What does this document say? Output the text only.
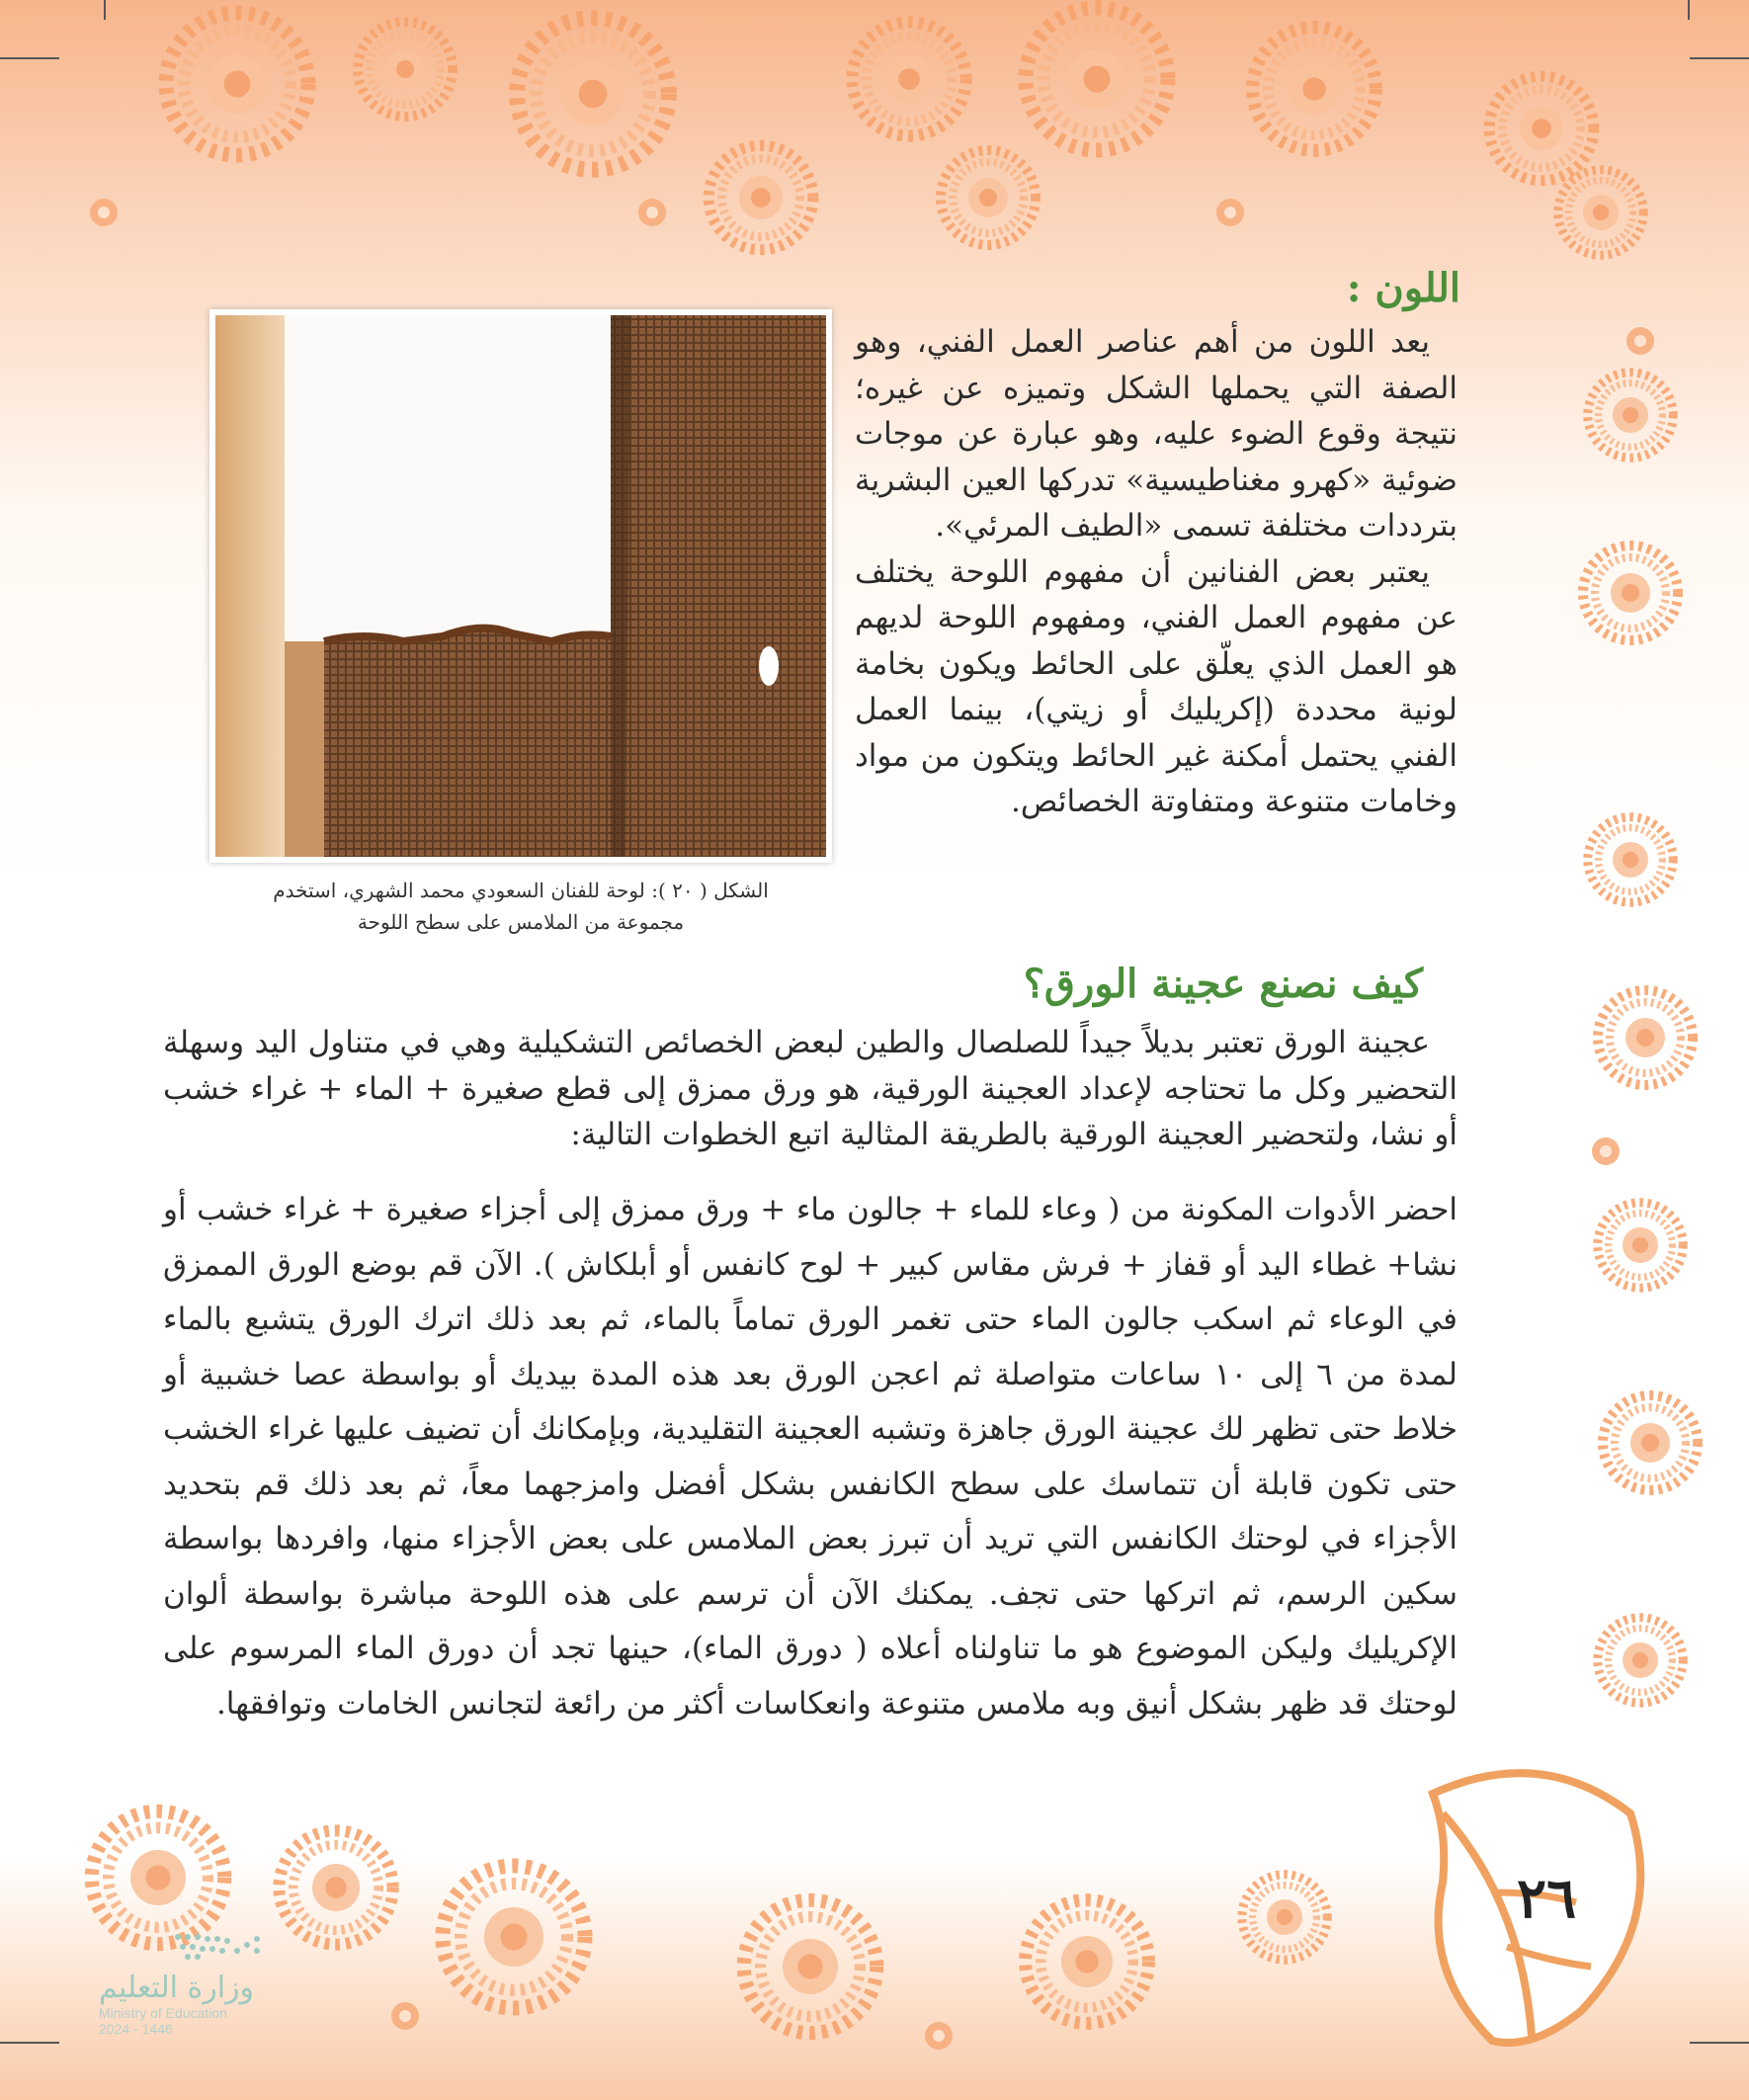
اللون :

يعد اللون من أهم عناصر العمل الفني، وهو الصفة التي يحملها الشكل وتميزه عن غيره؛ نتيجة وقوع الضوء عليه، وهو عبارة عن موجات ضوئية «كهرو مغناطيسية» تدركها العين البشرية بترددات مختلفة تسمى «الطيف المرئي».

يعتبر بعض الفنانين أن مفهوم اللوحة يختلف عن مفهوم العمل الفني، ومفهوم اللوحة لديهم هو العمل الذي يعلّق على الحائط ويكون بخامة لونية محددة (إكريليك أو زيتي)، بينما العمل الفني يحتمل أمكنة غير الحائط ويتكون من مواد وخامات متنوعة ومتفاوتة الخصائص.

الشكل ( ٢٠ ): لوحة للفنان السعودي محمد الشهري، استخدم
مجموعة من الملامس على سطح اللوحة
كيف نصنع عجينة الورق؟

عجينة الورق تعتبر بديلاً جيداً للصلصال والطين لبعض الخصائص التشكيلية وهي في متناول اليد وسهلة التحضير وكل ما تحتاجه لإعداد العجينة الورقية، هو ورق ممزق إلى قطع صغيرة + الماء + غراء خشب أو نشا، ولتحضير العجينة الورقية بالطريقة المثالية اتبع الخطوات التالية:

احضر الأدوات المكونة من ( وعاء للماء + جالون ماء + ورق ممزق إلى أجزاء صغيرة + غراء خشب أو نشا+ غطاء اليد أو قفاز + فرش مقاس كبير + لوح كانفس أو أبلكاش ). الآن قم بوضع الورق الممزق في الوعاء ثم اسكب جالون الماء حتى تغمر الورق تماماً بالماء، ثم بعد ذلك اترك الورق يتشبع بالماء لمدة من ٦ إلى ١٠ ساعات متواصلة ثم اعجن الورق بعد هذه المدة بيديك أو بواسطة عصا خشبية أو خلاط حتى تظهر لك عجينة الورق جاهزة وتشبه العجينة التقليدية، وبإمكانك أن تضيف عليها غراء الخشب حتى تكون قابلة أن تتماسك على سطح الكانفس بشكل أفضل وامزجهما معاً، ثم بعد ذلك قم بتحديد الأجزاء في لوحتك الكانفس التي تريد أن تبرز بعض الملامس على بعض الأجزاء منها، وافردها بواسطة سكين الرسم، ثم اتركها حتى تجف. يمكنك الآن أن ترسم على هذه اللوحة مباشرة بواسطة ألوان الإكريليك وليكن الموضوع هو ما تناولناه أعلاه ( دورق الماء)، حينها تجد أن دورق الماء المرسوم على لوحتك قد ظهر بشكل أنيق وبه ملامس متنوعة وانعكاسات أكثر من رائعة لتجانس الخامات وتوافقها.

٢٦
وزارة التعليم
Ministry of Education
2024 - 1446
